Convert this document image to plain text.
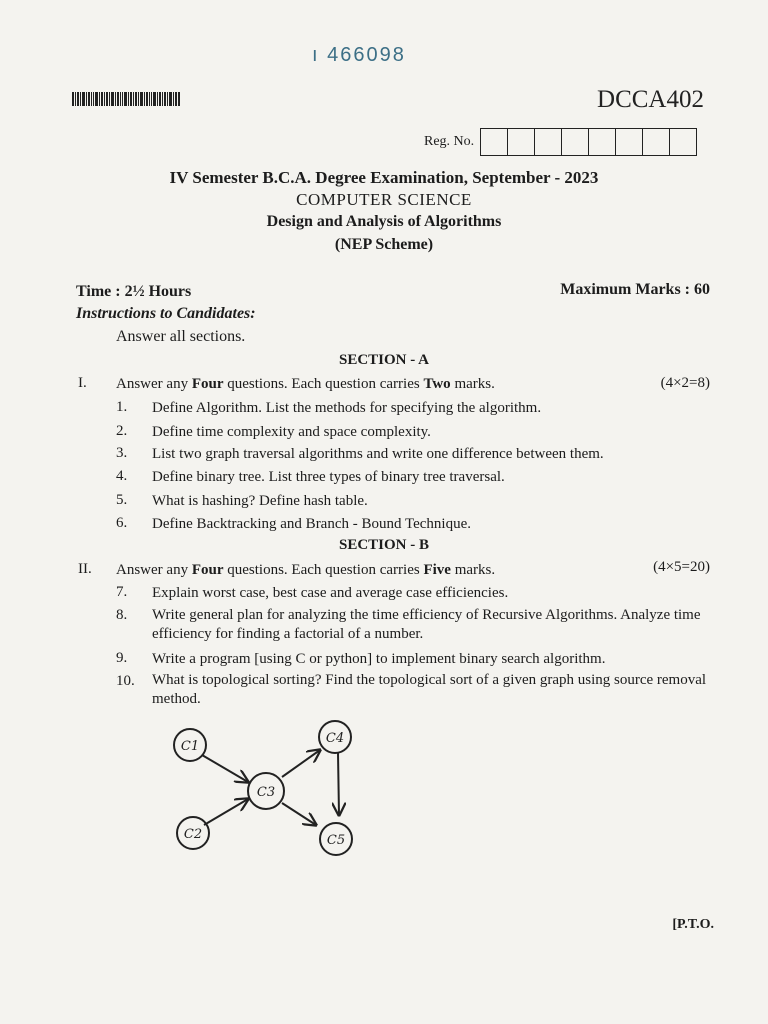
ı 466098
DCCA402
Reg. No.
IV Semester B.C.A. Degree Examination, September - 2023
COMPUTER SCIENCE
Design and Analysis of Algorithms
(NEP Scheme)
Time : 2½ Hours	Maximum Marks : 60
Instructions to Candidates:
Answer all sections.
SECTION - A
I. Answer any Four questions. Each question carries Two marks.	(4×2=8)
1. Define Algorithm. List the methods for specifying the algorithm.
2. Define time complexity and space complexity.
3. List two graph traversal algorithms and write one difference between them.
4. Define binary tree. List three types of binary tree traversal.
5. What is hashing? Define hash table.
6. Define Backtracking and Branch - Bound Technique.
SECTION - B
II. Answer any Four questions. Each question carries Five marks.	(4×5=20)
7. Explain worst case, best case and average case efficiencies.
8. Write general plan for analyzing the time efficiency of Recursive Algorithms. Analyze time efficiency for finding a factorial of a number.
9. Write a program [using C or python] to implement binary search algorithm.
10. What is topological sorting? Find the topological sort of a given graph using source removal method.
C1
C2
C3
C4
C5
[P.T.O.
